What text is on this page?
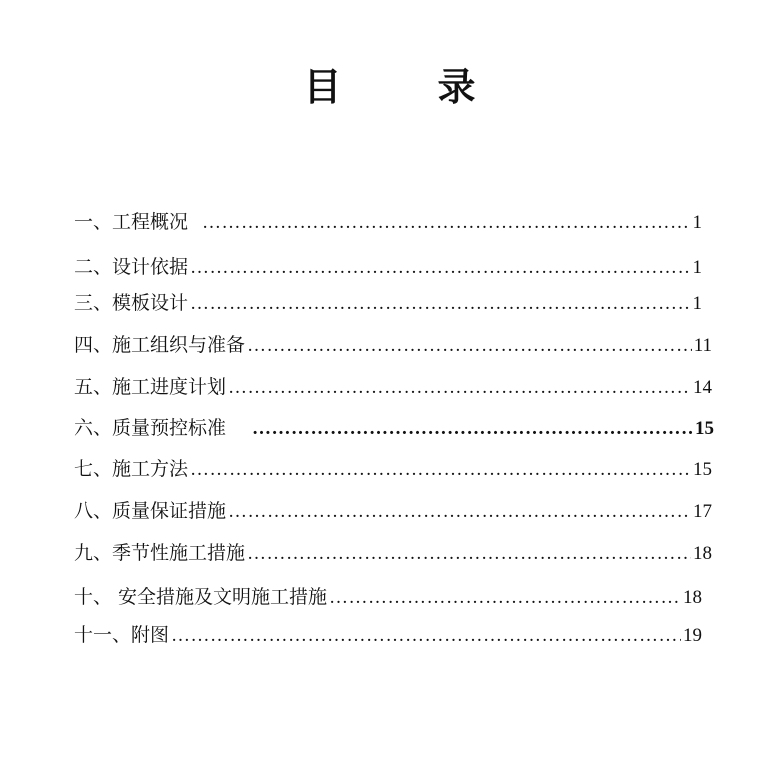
目	录
一、工程概况 ……………………………………………………………………………………………………………………………………………	1
二、设计依据 ……………………………………………………………………………………………………………………………………………	1
三、模板设计 ……………………………………………………………………………………………………………………………………………	1
四、施工组织与准备 ……………………………………………………………………………………………………………………………………………	11
五、施工进度计划 ……………………………………………………………………………………………………………………………………………	14
六、质量预控标准 ……………………………………………………………………………………………………………………………………………	15
七、施工方法 ……………………………………………………………………………………………………………………………………………	15
八、质量保证措施 ……………………………………………………………………………………………………………………………………………	17
九、季节性施工措施 ……………………………………………………………………………………………………………………………………………	18
十、 安全措施及文明施工措施 ……………………………………………………………………………………………………………………………………………	18
十一、附图 ……………………………………………………………………………………………………………………………………………	19
